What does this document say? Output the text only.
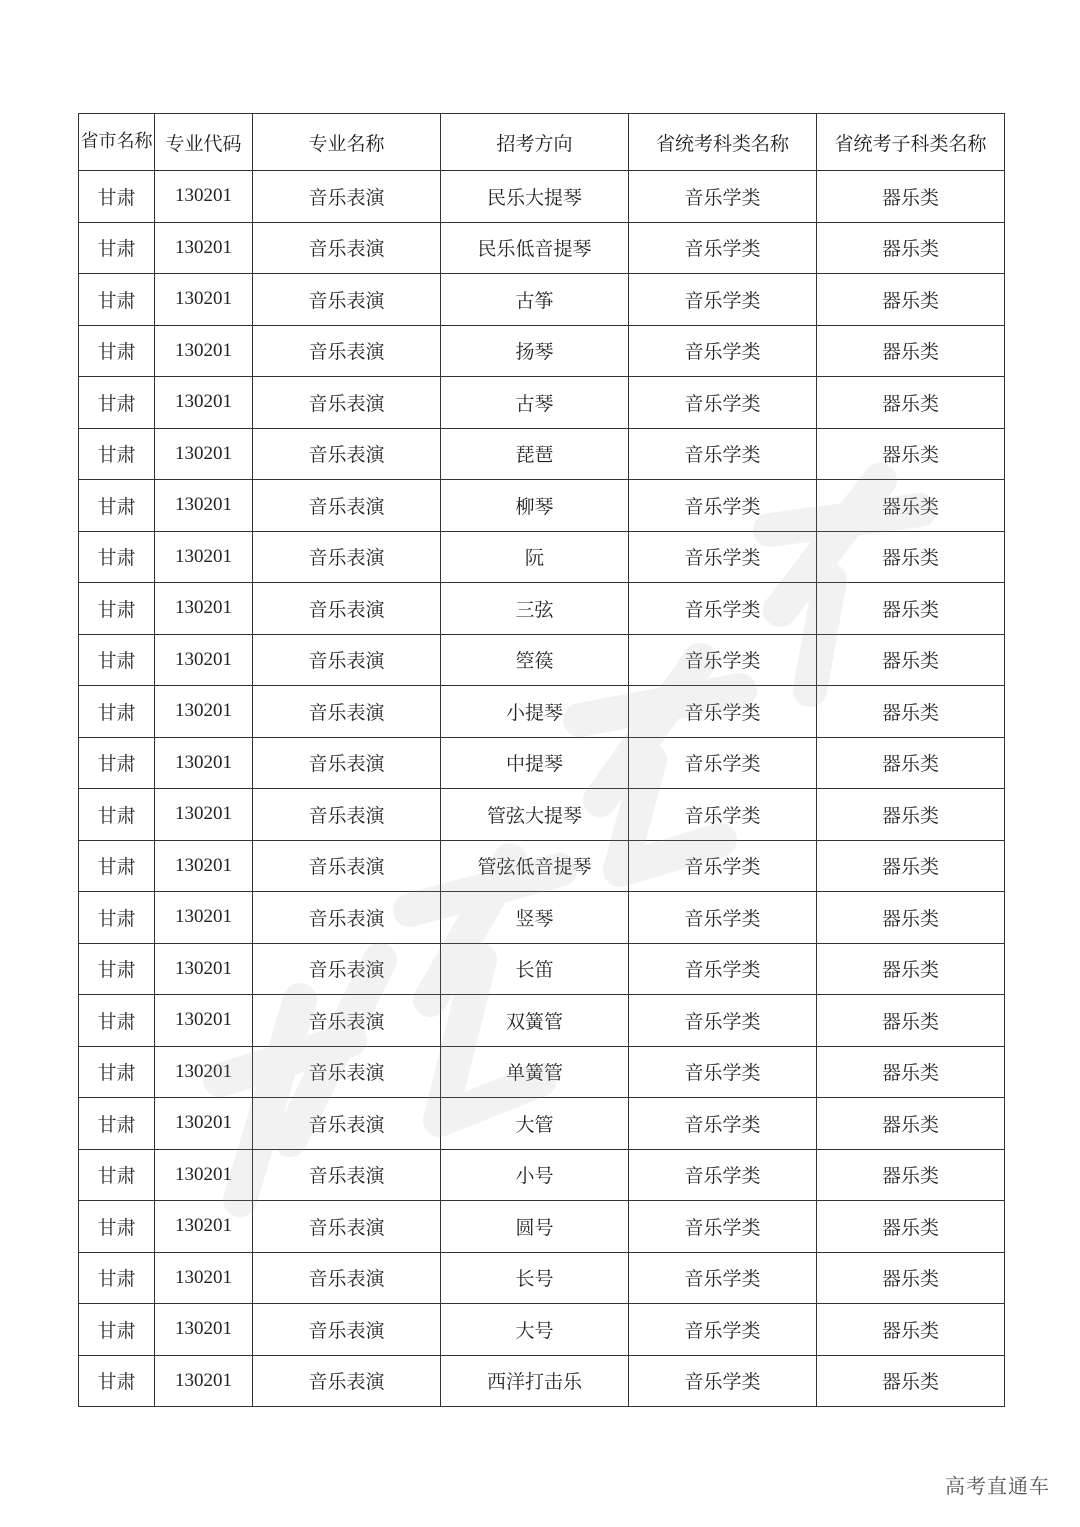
省市名称	专业代码	专业名称	招考方向	省统考科类名称	省统考子科类名称
甘肃	130201	音乐表演	民乐大提琴	音乐学类	器乐类
甘肃	130201	音乐表演	民乐低音提琴	音乐学类	器乐类
甘肃	130201	音乐表演	古筝	音乐学类	器乐类
甘肃	130201	音乐表演	扬琴	音乐学类	器乐类
甘肃	130201	音乐表演	古琴	音乐学类	器乐类
甘肃	130201	音乐表演	琵琶	音乐学类	器乐类
甘肃	130201	音乐表演	柳琴	音乐学类	器乐类
甘肃	130201	音乐表演	阮	音乐学类	器乐类
甘肃	130201	音乐表演	三弦	音乐学类	器乐类
甘肃	130201	音乐表演	箜篌	音乐学类	器乐类
甘肃	130201	音乐表演	小提琴	音乐学类	器乐类
甘肃	130201	音乐表演	中提琴	音乐学类	器乐类
甘肃	130201	音乐表演	管弦大提琴	音乐学类	器乐类
甘肃	130201	音乐表演	管弦低音提琴	音乐学类	器乐类
甘肃	130201	音乐表演	竖琴	音乐学类	器乐类
甘肃	130201	音乐表演	长笛	音乐学类	器乐类
甘肃	130201	音乐表演	双簧管	音乐学类	器乐类
甘肃	130201	音乐表演	单簧管	音乐学类	器乐类
甘肃	130201	音乐表演	大管	音乐学类	器乐类
甘肃	130201	音乐表演	小号	音乐学类	器乐类
甘肃	130201	音乐表演	圆号	音乐学类	器乐类
甘肃	130201	音乐表演	长号	音乐学类	器乐类
甘肃	130201	音乐表演	大号	音乐学类	器乐类
甘肃	130201	音乐表演	西洋打击乐	音乐学类	器乐类
高考直通车
